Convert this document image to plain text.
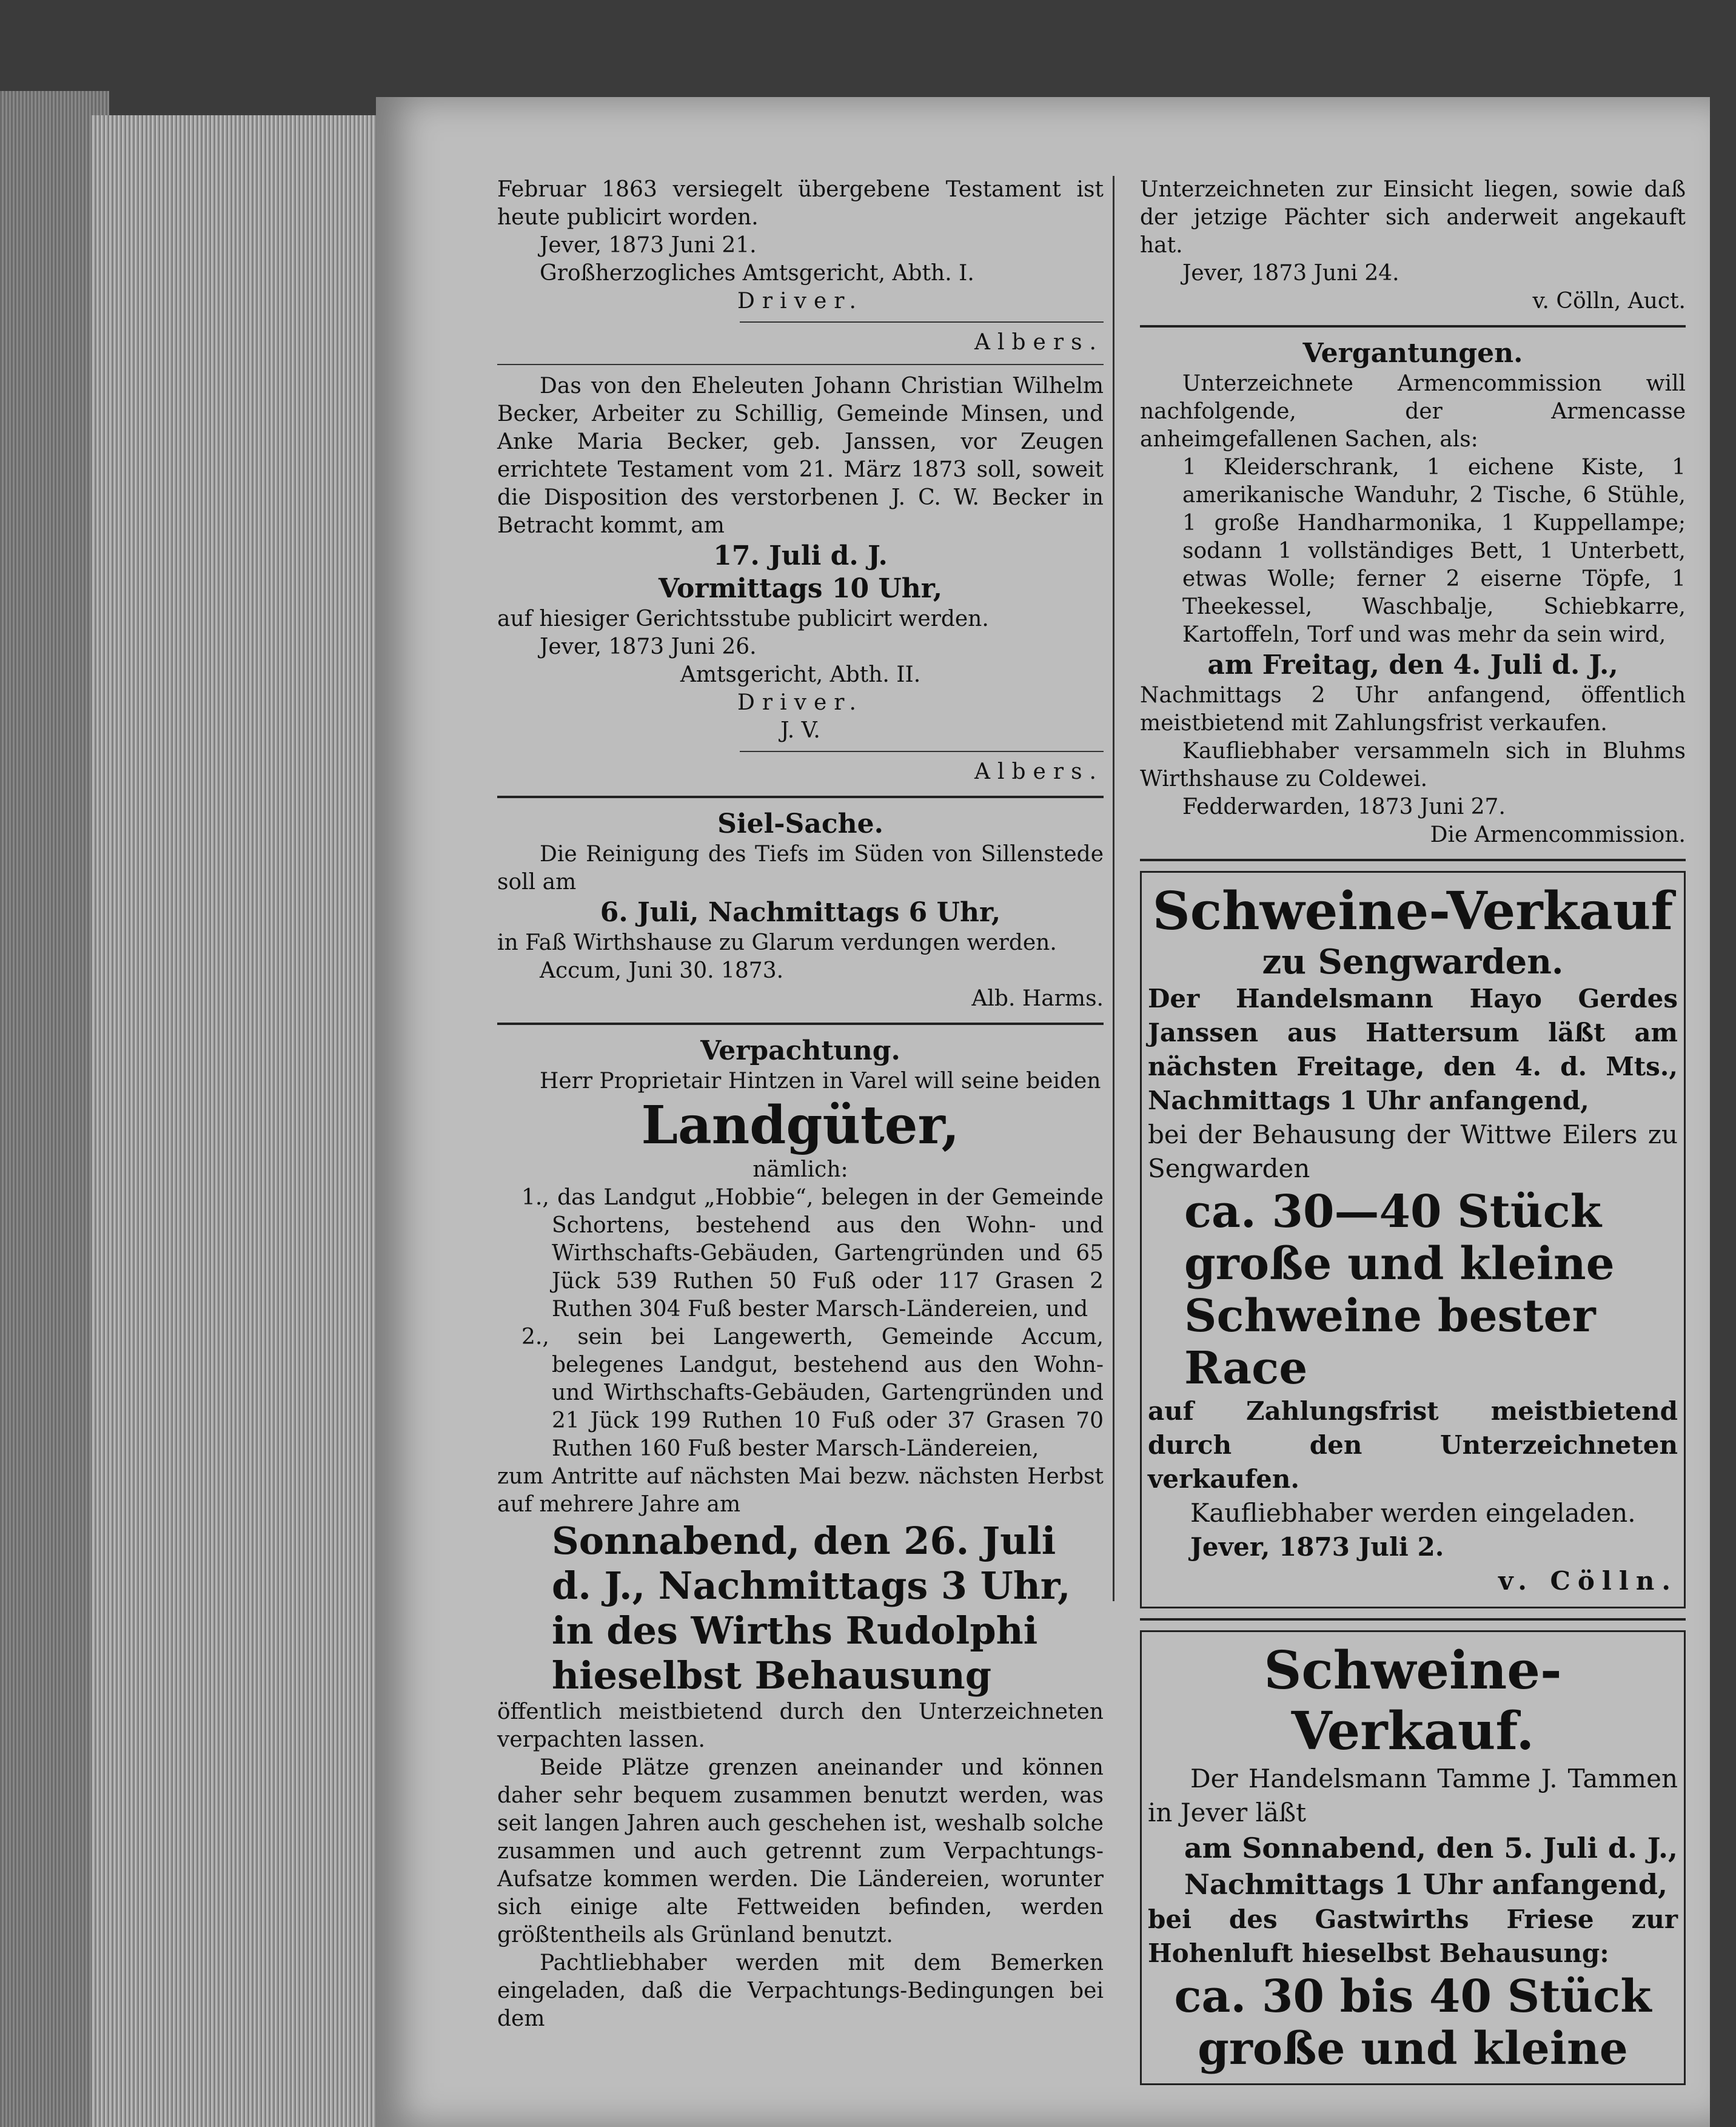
Februar 1863 versiegelt übergebene Testament ist heute publicirt worden.

Jever, 1873 Juni 21.

Großherzogliches Amtsgericht, Abth. I.

Driver.

Albers.

Das von den Eheleuten Johann Christian Wilhelm Becker, Arbeiter zu Schillig, Gemeinde Minsen, und Anke Maria Becker, geb. Janssen, vor Zeugen errichtete Testament vom 21. März 1873 soll, soweit die Disposition des verstorbenen J. C. W. Becker in Betracht kommt, am

17. Juli d. J.

Vormittags 10 Uhr,

auf hiesiger Gerichtsstube publicirt werden.

Jever, 1873 Juni 26.

Amtsgericht, Abth. II.

Driver.

J. V.

Albers.

Siel-Sache.

Die Reinigung des Tiefs im Süden von Sillenstede soll am

6. Juli, Nachmittags 6 Uhr,

in Faß Wirthshause zu Glarum verdungen werden.

Accum, Juni 30. 1873.

Alb. Harms.

Verpachtung.

Herr Proprietair Hintzen in Varel will seine beiden

Landgüter,

nämlich:

1., das Landgut „Hobbie“, belegen in der Gemeinde Schortens, bestehend aus den Wohn- und Wirthschafts-Gebäuden, Gartengründen und 65 Jück 539 Ruthen 50 Fuß oder 117 Grasen 2 Ruthen 304 Fuß bester Marsch-Ländereien, und

2., sein bei Langewerth, Gemeinde Accum, belegenes Landgut, bestehend aus den Wohn- und Wirthschafts-Gebäuden, Gartengründen und 21 Jück 199 Ruthen 10 Fuß oder 37 Grasen 70 Ruthen 160 Fuß bester Marsch-Ländereien,

zum Antritte auf nächsten Mai bezw. nächsten Herbst auf mehrere Jahre am

Sonnabend, den 26. Juli d. J., Nachmittags 3 Uhr, in des Wirths Rudolphi hieselbst Behausung

öffentlich meistbietend durch den Unterzeichneten verpachten lassen.

Beide Plätze grenzen aneinander und können daher sehr bequem zusammen benutzt werden, was seit langen Jahren auch geschehen ist, weshalb solche zusammen und auch getrennt zum Verpachtungs-Aufsatze kommen werden. Die Ländereien, worunter sich einige alte Fettweiden befinden, werden größtentheils als Grünland benutzt.

Pachtliebhaber werden mit dem Bemerken eingeladen, daß die Verpachtungs-Bedingungen bei dem

Unterzeichneten zur Einsicht liegen, sowie daß der jetzige Pächter sich anderweit angekauft hat.

Jever, 1873 Juni 24.

v. Cölln, Auct.

Vergantungen.

Unterzeichnete Armencommission will nachfolgende, der Armencasse anheimgefallenen Sachen, als:

1 Kleiderschrank, 1 eichene Kiste, 1 amerikanische Wanduhr, 2 Tische, 6 Stühle, 1 große Handharmonika, 1 Kuppellampe; sodann 1 vollständiges Bett, 1 Unterbett, etwas Wolle; ferner 2 eiserne Töpfe, 1 Theekessel, Waschbalje, Schiebkarre, Kartoffeln, Torf und was mehr da sein wird,

am Freitag, den 4. Juli d. J.,

Nachmittags 2 Uhr anfangend, öffentlich meistbietend mit Zahlungsfrist verkaufen.

Kaufliebhaber versammeln sich in Bluhms Wirthshause zu Coldewei.

Fedderwarden, 1873 Juni 27.

Die Armencommission.

Schweine-Verkauf

zu Sengwarden.

Der Handelsmann Hayo Gerdes Janssen aus Hattersum läßt am nächsten Freitage, den 4. d. Mts., Nachmittags 1 Uhr anfangend,

bei der Behausung der Wittwe Eilers zu Sengwarden

ca. 30—40 Stück große und kleine Schweine bester Race

auf Zahlungsfrist meistbietend durch den Unterzeichneten verkaufen.

Kaufliebhaber werden eingeladen.

Jever, 1873 Juli 2.

v. Cölln.

Schweine-Verkauf.

Der Handelsmann Tamme J. Tammen in Jever läßt

am Sonnabend, den 5. Juli d. J., Nachmittags 1 Uhr anfangend,

bei des Gastwirths Friese zur Hohenluft hieselbst Behausung:

ca. 30 bis 40 Stück große und kleine
